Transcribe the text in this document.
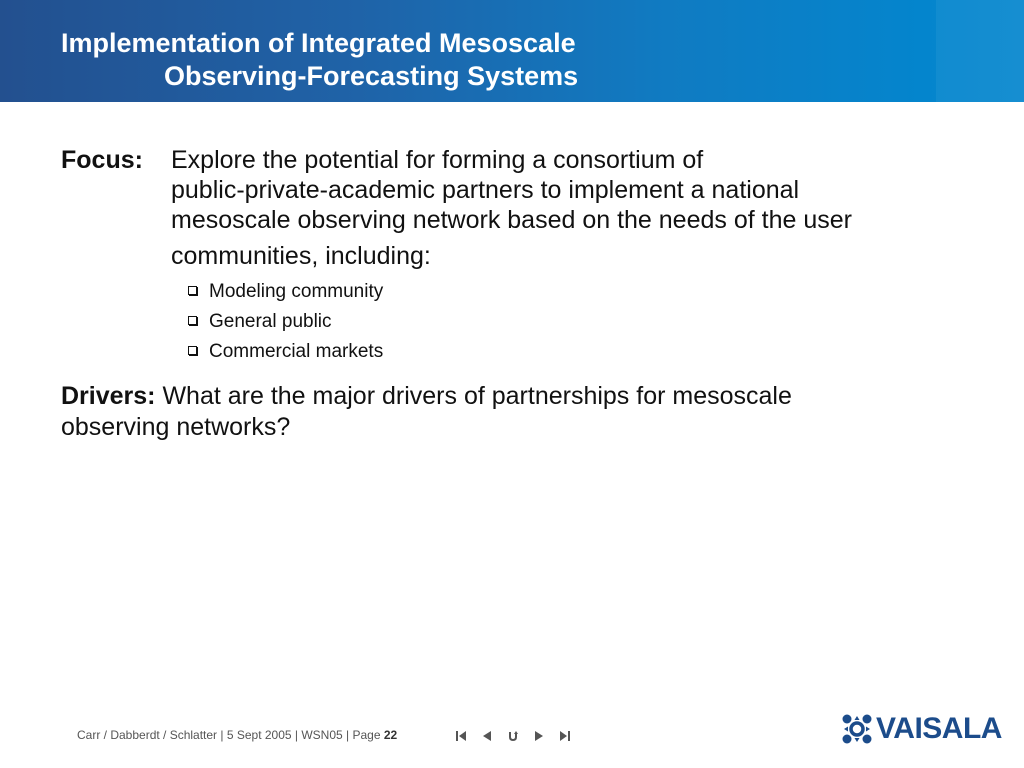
Implementation of Integrated Mesoscale
Observing-Forecasting Systems
Focus: Explore the potential for forming a consortium of
public-private-academic partners to implement a national
mesoscale observing network based on the needs of the user
communities, including:
Modeling community
General public
Commercial markets
Drivers: What are the major drivers of partnerships for mesoscale
observing networks?
Carr / Dabberdt / Schlatter | 5 Sept 2005 | WSN05 | Page 22	VAISALA
